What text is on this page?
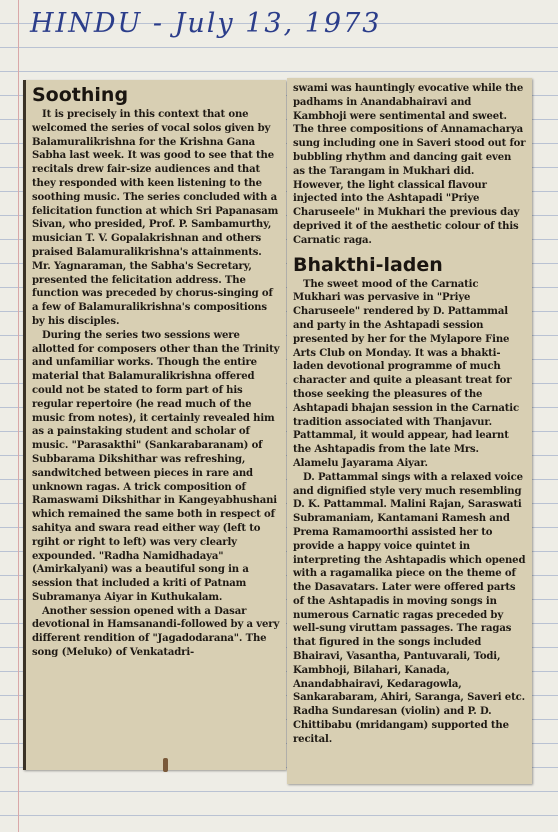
HINDU - July 13, 1973
Soothing

It is precisely in this context that one welcomed the series of vocal solos given by Balamuralikrishna for the Krishna Gana Sabha last week. It was good to see that the recitals drew fair-size audiences and that they responded with keen listening to the soothing music. The series concluded with a felicitation function at which Sri Papanasam Sivan, who presided, Prof. P. Sambamurthy, musician T. V. Gopalakrishnan and others praised Balamuralikrishna's attainments. Mr. Yagnaraman, the Sabha's Secretary, presented the felicitation address. The function was preceded by chorus-singing of a few of Balamuralikrishna's compositions by his disciples.

During the series two sessions were allotted for composers other than the Trinity and unfamiliar works. Though the entire material that Balamuralikrishna offered could not be stated to form part of his regular repertoire (he read much of the music from notes), it certainly revealed him as a painstaking student and scholar of music. "Parasakthi" (Sankarabaranam) of Subbarama Dikshithar was refreshing, sandwitched between pieces in rare and unknown ragas. A trick composition of Ramaswami Dikshithar in Kangeyabhushani which remained the same both in respect of sahitya and swara read either way (left to rgiht or right to left) was very clearly expounded. "Radha Namidhadaya" (Amirkalyani) was a beautiful song in a session that included a kriti of Patnam Subramanya Aiyar in Kuthukalam.

Another session opened with a Dasar devotional in Hamsanandi-followed by a very different rendition of "Jagadodarana". The song (Meluko) of Venkatadri-

swami was hauntingly evocative while the padhams in Anandabhairavi and Kambhoji were sentimental and sweet. The three compositions of Annamacharya sung including one in Saveri stood out for bubbling rhythm and dancing gait even as the Tarangam in Mukhari did. However, the light classical flavour injected into the Ashtapadi "Priye Charuseele" in Mukhari the previous day deprived it of the aesthetic colour of this Carnatic raga.

Bhakthi-laden

The sweet mood of the Carnatic Mukhari was pervasive in "Priye Charuseele" rendered by D. Pattammal and party in the Ashtapadi session presented by her for the Mylapore Fine Arts Club on Monday. It was a bhakti-laden devotional programme of much character and quite a pleasant treat for those seeking the pleasures of the Ashtapadi bhajan session in the Carnatic tradition associated with Thanjavur. Pattammal, it would appear, had learnt the Ashtapadis from the late Mrs. Alamelu Jayarama Aiyar.

D. Pattammal sings with a relaxed voice and dignified style very much resembling D. K. Pattammal. Malini Rajan, Saraswati Subramaniam, Kantamani Ramesh and Prema Ramamoorthi assisted her to provide a happy voice quintet in interpreting the Ashtapadis which opened with a ragamalika piece on the theme of the Dasavatars. Later were offered parts of the Ashtapadis in moving songs in numerous Carnatic ragas preceded by well-sung viruttam passages. The ragas that figured in the songs included Bhairavi, Vasantha, Pantuvarali, Todi, Kambhoji, Bilahari, Kanada, Anandabhairavi, Kedaragowla, Sankarabaram, Ahiri, Saranga, Saveri etc. Radha Sundaresan (violin) and P. D. Chittibabu (mridangam) supported the recital.
